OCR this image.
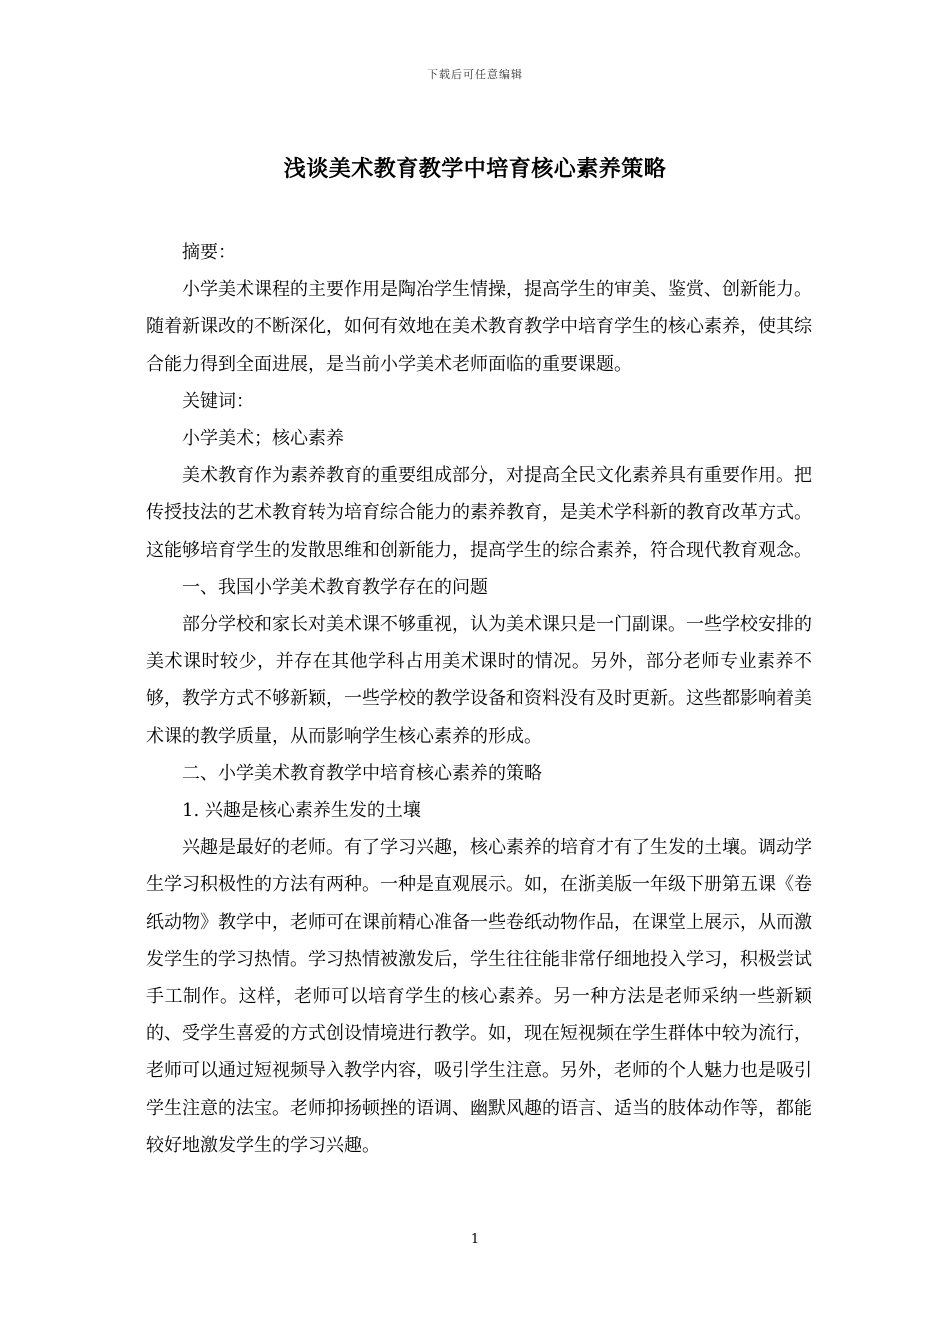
下载后可任意编辑
浅谈美术教育教学中培育核心素养策略

摘要：

小学美术课程的主要作用是陶冶学生情操，提高学生的审美、鉴赏、创新能力。随着新课改的不断深化，如何有效地在美术教育教学中培育学生的核心素养，使其综合能力得到全面进展，是当前小学美术老师面临的重要课题。

关键词：

小学美术；核心素养

美术教育作为素养教育的重要组成部分，对提高全民文化素养具有重要作用。把传授技法的艺术教育转为培育综合能力的素养教育，是美术学科新的教育改革方式。这能够培育学生的发散思维和创新能力，提高学生的综合素养，符合现代教育观念。

一、我国小学美术教育教学存在的问题

部分学校和家长对美术课不够重视，认为美术课只是一门副课。一些学校安排的美术课时较少，并存在其他学科占用美术课时的情况。另外，部分老师专业素养不够，教学方式不够新颖，一些学校的教学设备和资料没有及时更新。这些都影响着美术课的教学质量，从而影响学生核心素养的形成。

二、小学美术教育教学中培育核心素养的策略

1. 兴趣是核心素养生发的土壤

兴趣是最好的老师。有了学习兴趣，核心素养的培育才有了生发的土壤。调动学生学习积极性的方法有两种。一种是直观展示。如，在浙美版一年级下册第五课《卷纸动物》教学中，老师可在课前精心准备一些卷纸动物作品，在课堂上展示，从而激发学生的学习热情。学习热情被激发后，学生往往能非常仔细地投入学习，积极尝试手工制作。这样，老师可以培育学生的核心素养。另一种方法是老师采纳一些新颖的、受学生喜爱的方式创设情境进行教学。如，现在短视频在学生群体中较为流行，老师可以通过短视频导入教学内容，吸引学生注意。另外，老师的个人魅力也是吸引学生注意的法宝。老师抑扬顿挫的语调、幽默风趣的语言、适当的肢体动作等，都能较好地激发学生的学习兴趣。

1
